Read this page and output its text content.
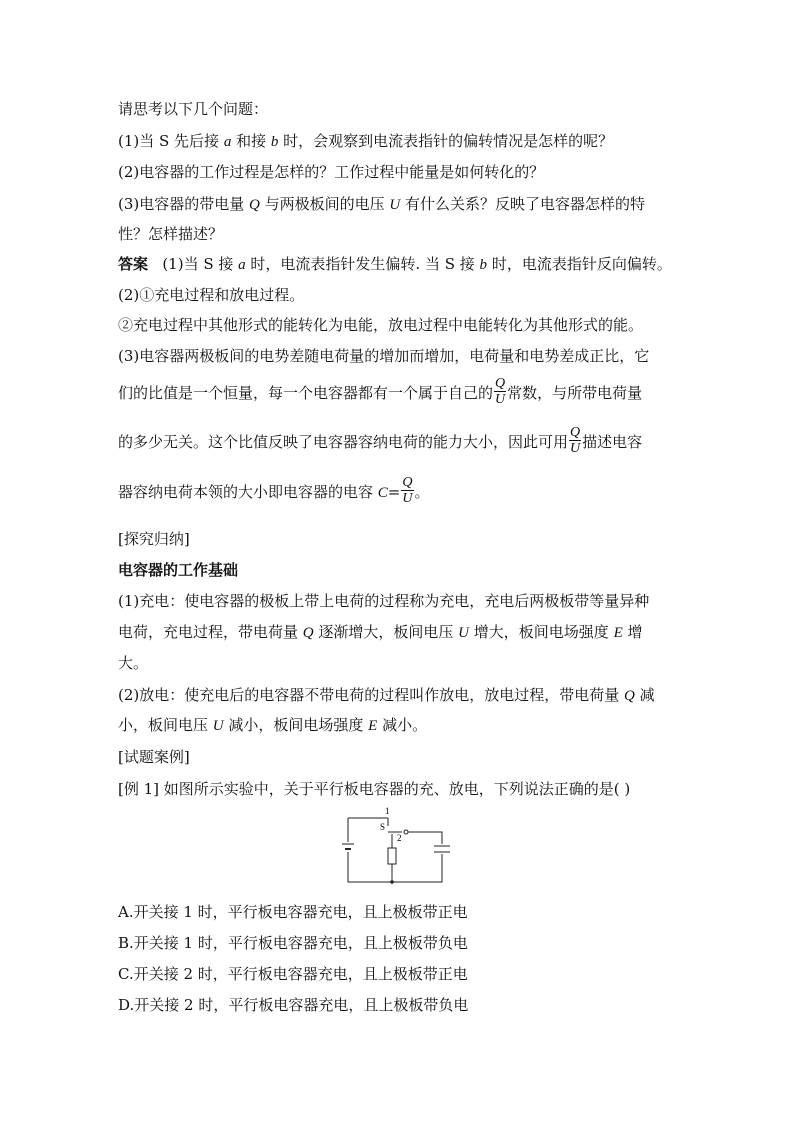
请思考以下几个问题：
(1)当 S 先后接 a 和接 b 时，会观察到电流表指针的偏转情况是怎样的呢？
(2)电容器的工作过程是怎样的？工作过程中能量是如何转化的？
(3)电容器的带电量 Q 与两极板间的电压 U 有什么关系？反映了电容器怎样的特
性？怎样描述？
答案 (1)当 S 接 a 时，电流表指针发生偏转. 当 S 接 b 时，电流表指针反向偏转。
(2)①充电过程和放电过程。
②充电过程中其他形式的能转化为电能，放电过程中电能转化为其他形式的能。
(3)电容器两极板间的电势差随电荷量的增加而增加，电荷量和电势差成正比，它
们的比值是一个恒量，每一个电容器都有一个属于自己的 $\frac{Q}{U}$ 常数，与所带电荷量
的多少无关。这个比值反映了电容器容纳电荷的能力大小，因此可用 $\frac{Q}{U}$ 描述电容
器容纳电荷本领的大小即电容器的电容 $C= \frac{Q}{U}$ 。
[探究归纳]
电容器的工作基础
(1)充电：使电容器的极板上带上电荷的过程称为充电，充电后两极板带等量异种
电荷，充电过程，带电荷量 Q 逐渐增大，板间电压 U 增大，板间电场强度 E 增
大。
(2)放电：使充电后的电容器不带电荷的过程叫作放电，放电过程，带电荷量 Q 减
小，板间电压 U 减小，板间电场强度 E 减小。
[试题案例]
[例 1] 如图所示实验中，关于平行板电容器的充、放电，下列说法正确的是( )
A.开关接 1 时，平行板电容器充电，且上极板带正电
B.开关接 1 时，平行板电容器充电，且上极板带负电
C.开关接 2 时，平行板电容器充电，且上极板带正电
D.开关接 2 时，平行板电容器充电，且上极板带负电
1
S
2
